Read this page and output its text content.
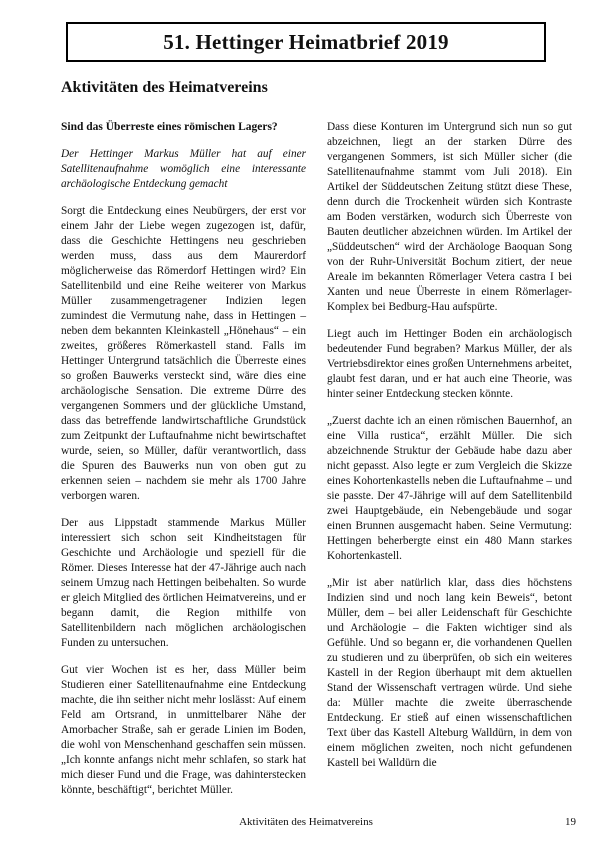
51. Hettinger Heimatbrief 2019
Aktivitäten des Heimatvereins
Sind das Überreste eines römischen Lagers?

Der Hettinger Markus Müller hat auf einer Satellitenaufnahme womöglich eine interessante archäologische Entdeckung gemacht

Sorgt die Entdeckung eines Neubürgers, der erst vor einem Jahr der Liebe wegen zugezogen ist, dafür, dass die Geschichte Hettingens neu geschrieben werden muss, dass aus dem Maurerdorf möglicherweise das Römerdorf Hettingen wird? Ein Satellitenbild und eine Reihe weiterer von Markus Müller zusammengetragener Indizien legen zumindest die Vermutung nahe, dass in Hettingen – neben dem bekannten Kleinkastell „Hönehaus“ – ein zweites, größeres Römerkastell stand. Falls im Hettinger Untergrund tatsächlich die Überreste eines so großen Bauwerks versteckt sind, wäre dies eine archäologische Sensation. Die extreme Dürre des vergangenen Sommers und der glückliche Umstand, dass das betreffende landwirtschaftliche Grundstück zum Zeitpunkt der Luftaufnahme nicht bewirtschaftet wurde, seien, so Müller, dafür verantwortlich, dass die Spuren des Bauwerks nun von oben gut zu erkennen seien – nachdem sie mehr als 1700 Jahre verborgen waren.

Der aus Lippstadt stammende Markus Müller interessiert sich schon seit Kindheitstagen für Geschichte und Archäologie und speziell für die Römer. Dieses Interesse hat der 47-Jährige auch nach seinem Umzug nach Hettingen beibehalten. So wurde er gleich Mitglied des örtlichen Heimatvereins, und er begann damit, die Region mithilfe von Satellitenbildern nach möglichen archäologischen Funden zu untersuchen.

Gut vier Wochen ist es her, dass Müller beim Studieren einer Satellitenaufnahme eine Entdeckung machte, die ihn seither nicht mehr loslässt: Auf einem Feld am Ortsrand, in unmittelbarer Nähe der Amorbacher Straße, sah er gerade Linien im Boden, die wohl von Menschenhand geschaffen sein müssen. „Ich konnte anfangs nicht mehr schlafen, so stark hat mich dieser Fund und die Frage, was dahinterstecken könnte, beschäftigt“, berichtet Müller.

Dass diese Konturen im Untergrund sich nun so gut abzeichnen, liegt an der starken Dürre des vergangenen Sommers, ist sich Müller sicher (die Satellitenaufnahme stammt vom Juli 2018). Ein Artikel der Süddeutschen Zeitung stützt diese These, denn durch die Trockenheit würden sich Kontraste am Boden verstärken, wodurch sich Überreste von Bauten deutlicher abzeichnen würden. Im Artikel der „Süddeutschen“ wird der Archäologe Baoquan Song von der Ruhr-Universität Bochum zitiert, der neue Areale im bekannten Römerlager Vetera castra I bei Xanten und neue Überreste in einem Römerlager-Komplex bei Bedburg-Hau aufspürte.

Liegt auch im Hettinger Boden ein archäologisch bedeutender Fund begraben? Markus Müller, der als Vertriebsdirektor eines großen Unternehmens arbeitet, glaubt fest daran, und er hat auch eine Theorie, was hinter seiner Entdeckung stecken könnte.

„Zuerst dachte ich an einen römischen Bauernhof, an eine Villa rustica“, erzählt Müller. Die sich abzeichnende Struktur der Gebäude habe dazu aber nicht gepasst. Also legte er zum Vergleich die Skizze eines Kohortenkastells neben die Luftaufnahme – und sie passte. Der 47-Jährige will auf dem Satellitenbild zwei Hauptgebäude, ein Nebengebäude und sogar einen Brunnen ausgemacht haben. Seine Vermutung: Hettingen beherbergte einst ein 480 Mann starkes Kohortenkastell.

„Mir ist aber natürlich klar, dass dies höchstens Indizien sind und noch lang kein Beweis“, betont Müller, dem – bei aller Leidenschaft für Geschichte und Archäologie – die Fakten wichtiger sind als Gefühle. Und so begann er, die vorhandenen Quellen zu studieren und zu überprüfen, ob sich ein weiteres Kastell in der Region überhaupt mit dem aktuellen Stand der Wissenschaft vertragen würde. Und siehe da: Müller machte die zweite überraschende Entdeckung. Er stieß auf einen wissenschaftlichen Text über das Kastell Alteburg Walldürn, in dem von einem möglichen zweiten, noch nicht gefundenen Kastell bei Walldürn die

Aktivitäten des Heimatvereins	19
